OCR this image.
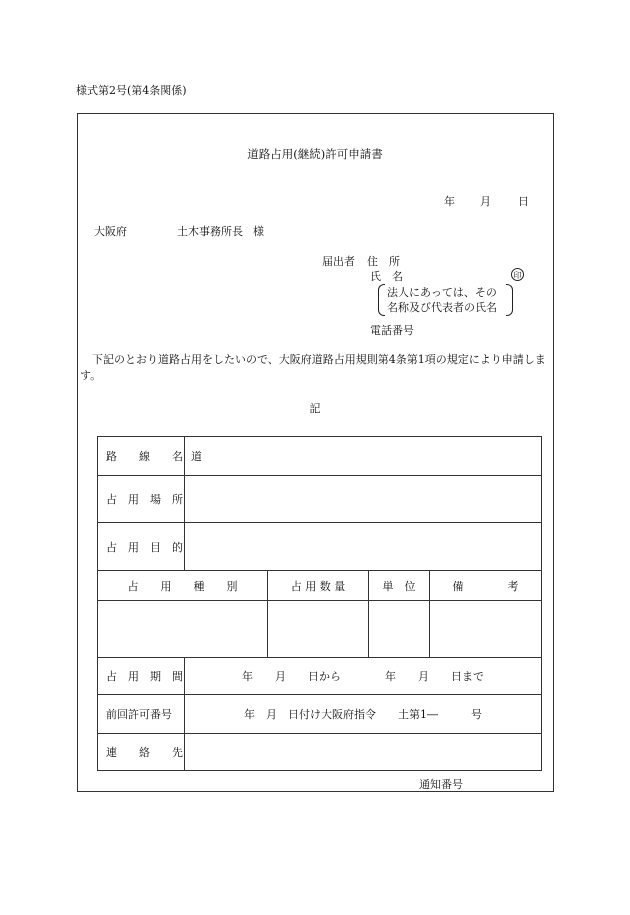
様式第2号(第4条関係)
道路占用(継続)許可申請書
年 月 日
大阪府	土木事務所長 様
届出者 住　所
氏　名	印
法人にあっては、その
名称及び代表者の氏名
電話番号
下記のとおり道路占用をしたいので、大阪府道路占用規則第4条第1項の規定により申請します。
記
路　　線　　名	道			
占　用　場　所				
占　用　目　的				
占　　用　　種　　別		占 用 数 量	単　位	備　　　　考

占　用　期　間	年　　月　　日から　　　　年　　月　　日まで			
前回許可番号	年　月　日付け大阪府指令　　土第1―　　　号			
連　　絡　　先				
通知番号
